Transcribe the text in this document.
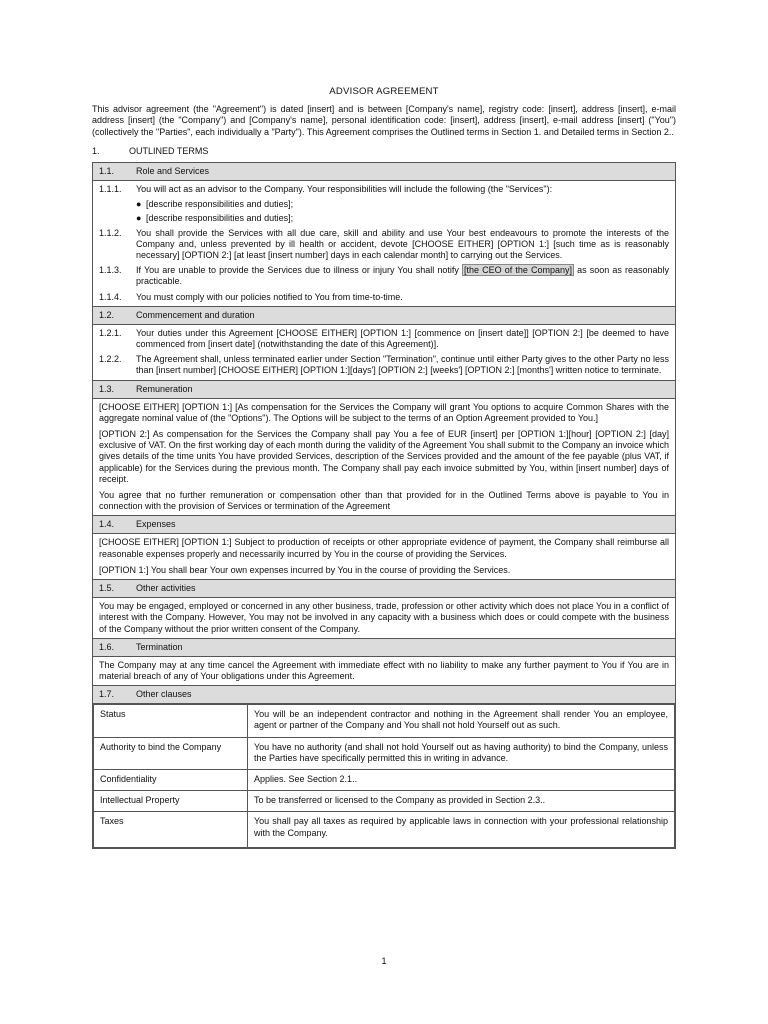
ADVISOR AGREEMENT

This advisor agreement (the "Agreement") is dated [insert] and is between [Company's name], registry code: [insert], address [insert], e-mail address [insert] (the "Company") and [Company's name], personal identification code: [insert], address [insert], e-mail address [insert] ("You") (collectively the "Parties", each individually a "Party"). This Agreement comprises the Outlined terms in Section 1. and Detailed terms in Section 2..

1.	OUTLINED TERMS
1.1.	Role and Services

1.1.1.	You will act as an advisor to the Company. Your responsibilities will include the following (the "Services"):
● [describe responsibilities and duties];
● [describe responsibilities and duties];
1.1.2.	You shall provide the Services with all due care, skill and ability and use Your best endeavours to promote the interests of the Company and, unless prevented by ill health or accident, devote [CHOOSE EITHER] [OPTION 1:] [such time as is reasonably necessary] [OPTION 2:] [at least [insert number] days in each calendar month] to carrying out the Services.
1.1.3.	If You are unable to provide the Services due to illness or injury You shall notify [the CEO of the Company] as soon as reasonably practicable.
1.1.4.	You must comply with our policies notified to You from time-to-time.

1.2.	Commencement and duration

1.2.1.	Your duties under this Agreement [CHOOSE EITHER] [OPTION 1:] [commence on [insert date]] [OPTION 2:] [be deemed to have commenced from [insert date] (notwithstanding the date of this Agreement)].
1.2.2.	The Agreement shall, unless terminated earlier under Section "Termination", continue until either Party gives to the other Party no less than [insert number] [CHOOSE EITHER] [OPTION 1:][days'] [OPTION 2:] [weeks'] [OPTION 2:] [months'] written notice to terminate.

1.3.	Remuneration

[CHOOSE EITHER] [OPTION 1:] [As compensation for the Services the Company will grant You options to acquire Common Shares with the aggregate nominal value of (the "Options"). The Options will be subject to the terms of an Option Agreement provided to You.]

[OPTION 2:] As compensation for the Services the Company shall pay You a fee of EUR [insert] per [OPTION 1:][hour] [OPTION 2:] [day] exclusive of VAT. On the first working day of each month during the validity of the Agreement You shall submit to the Company an invoice which gives details of the time units You have provided Services, description of the Services provided and the amount of the fee payable (plus VAT, if applicable) for the Services during the previous month. The Company shall pay each invoice submitted by You, within [insert number] days of receipt.

You agree that no further remuneration or compensation other than that provided for in the Outlined Terms above is payable to You in connection with the provision of Services or termination of the Agreement

1.4.	Expenses

[CHOOSE EITHER] [OPTION 1:] Subject to production of receipts or other appropriate evidence of payment, the Company shall reimburse all reasonable expenses properly and necessarily incurred by You in the course of providing the Services.

[OPTION 1:] You shall bear Your own expenses incurred by You in the course of providing the Services.

1.5.	Other activities

You may be engaged, employed or concerned in any other business, trade, profession or other activity which does not place You in a conflict of interest with the Company. However, You may not be involved in any capacity with a business which does or could compete with the business of the Company without the prior written consent of the Company.

1.6.	Termination

The Company may at any time cancel the Agreement with immediate effect with no liability to make any further payment to You if You are in material breach of any of Your obligations under this Agreement.

1.7.	Other clauses

Status	You will be an independent contractor and nothing in the Agreement shall render You an employee, agent or partner of the Company and You shall not hold Yourself out as such.
Authority to bind the Company	You have no authority (and shall not hold Yourself out as having authority) to bind the Company, unless the Parties have specifically permitted this in writing in advance.
Confidentiality	Applies. See Section 2.1..
Intellectual Property	To be transferred or licensed to the Company as provided in Section 2.3..
Taxes	You shall pay all taxes as required by applicable laws in connection with your professional relationship with the Company.
1
